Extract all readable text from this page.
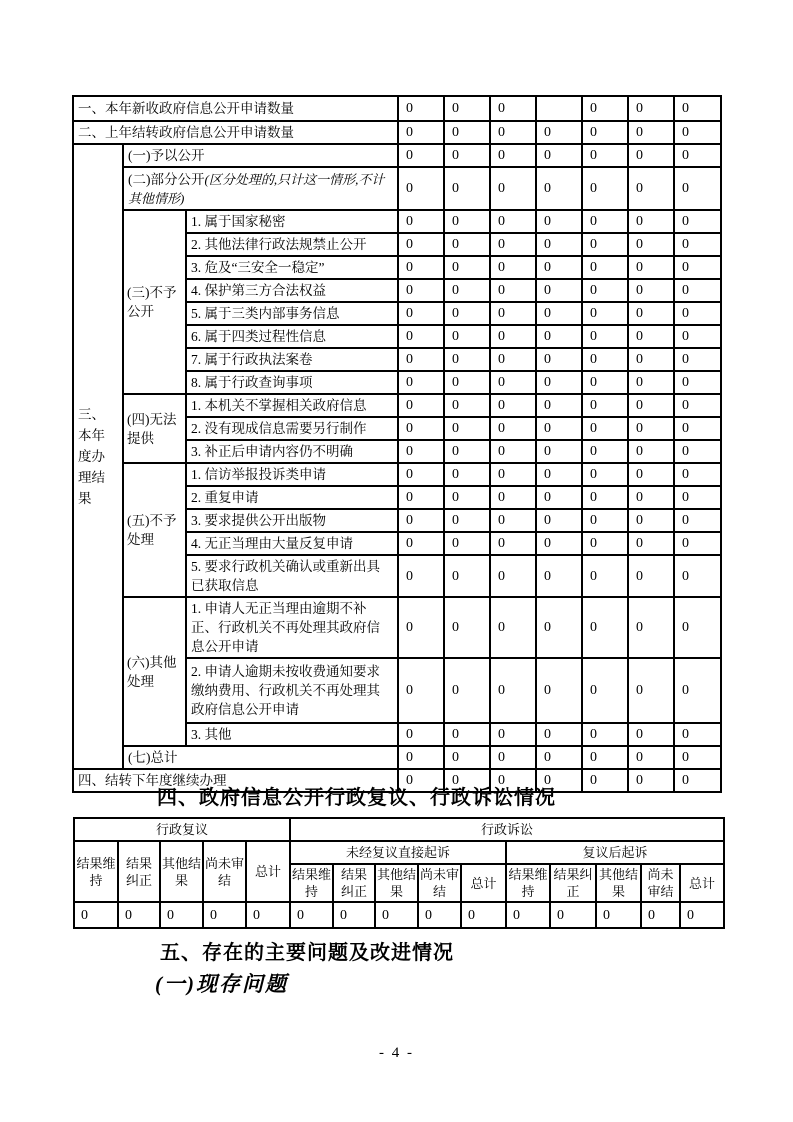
一、本年新收政府信息公开申请数量			0	0	0		0	0	0
二、上年结转政府信息公开申请数量			0	0	0	0	0	0	0
三、本年度办理结果	(一)予以公开		0	0	0	0	0	0	0
	(二)部分公开(区分处理的,只计这一情形,不计其他情形)		0	0	0	0	0	0	0
	(三)不予公开	1. 属于国家秘密	0	0	0	0	0	0	0
		2. 其他法律行政法规禁止公开	0	0	0	0	0	0	0
		3. 危及“三安全一稳定”	0	0	0	0	0	0	0
		4. 保护第三方合法权益	0	0	0	0	0	0	0
		5. 属于三类内部事务信息	0	0	0	0	0	0	0
		6. 属于四类过程性信息	0	0	0	0	0	0	0
		7. 属于行政执法案卷	0	0	0	0	0	0	0
		8. 属于行政查询事项	0	0	0	0	0	0	0
	(四)无法提供	1. 本机关不掌握相关政府信息	0	0	0	0	0	0	0
		2. 没有现成信息需要另行制作	0	0	0	0	0	0	0
		3. 补正后申请内容仍不明确	0	0	0	0	0	0	0
	(五)不予处理	1. 信访举报投诉类申请	0	0	0	0	0	0	0
		2. 重复申请	0	0	0	0	0	0	0
		3. 要求提供公开出版物	0	0	0	0	0	0	0
		4. 无正当理由大量反复申请	0	0	0	0	0	0	0
		5. 要求行政机关确认或重新出具已获取信息	0	0	0	0	0	0	0
	(六)其他处理	1. 申请人无正当理由逾期不补正、行政机关不再处理其政府信息公开申请	0	0	0	0	0	0	0
		2. 申请人逾期未按收费通知要求缴纳费用、行政机关不再处理其政府信息公开申请	0	0	0	0	0	0	0
		3. 其他	0	0	0	0	0	0	0
	(七)总计		0	0	0	0	0	0	0
四、结转下年度继续办理			0	0	0	0	0	0	0
四、政府信息公开行政复议、行政诉讼情况
行政复议					行政诉讼									
结果维持	结果纠正	其他结果	尚未审结	总计	未经复议直接起诉					复议后起诉				
					结果维持	结果纠正	其他结果	尚未审结	总计	结果维持	结果纠正	其他结果	尚未审结	总计
0	0	0	0	0	0	0	0	0	0	0	0	0	0	0
五、存在的主要问题及改进情况
(一)现存问题
- 4 -
